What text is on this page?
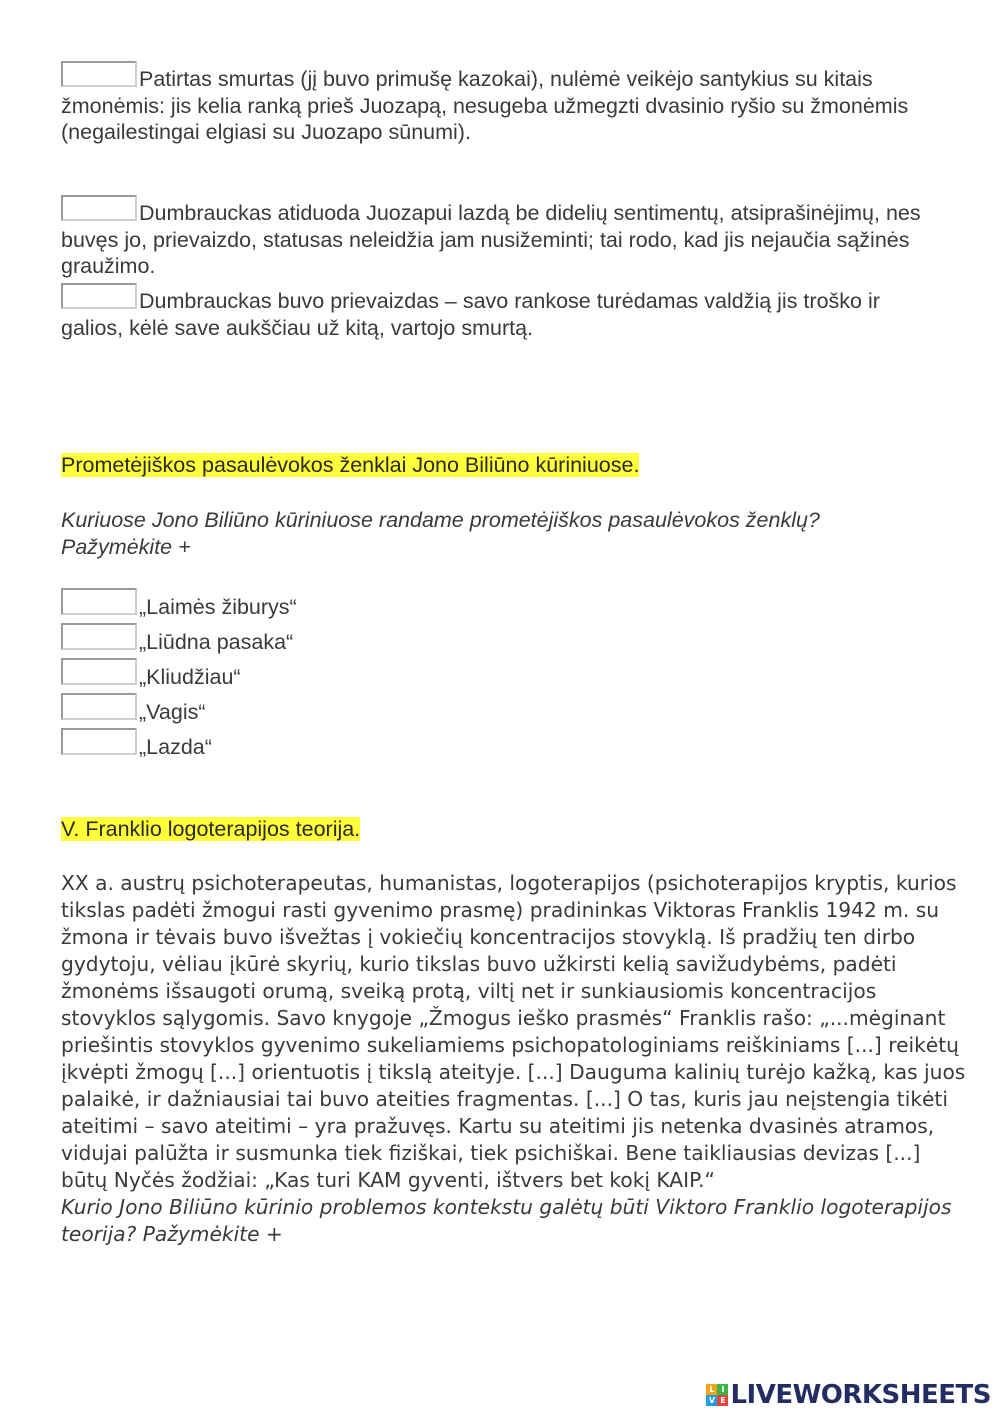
Patirtas smurtas (jį buvo primušę kazokai), nulėmė veikėjo santykius su kitais žmonėmis: jis kelia ranką prieš Juozapą, nesugeba užmegzti dvasinio ryšio su žmonėmis (negailestingai elgiasi su Juozapo sūnumi).
Dumbrauckas atiduoda Juozapui lazdą be didelių sentimentų, atsiprašinėjimų, nes buvęs jo, prievaizdo, statusas neleidžia jam nusižeminti; tai rodo, kad jis nejaučia sąžinės graužimo.
Dumbrauckas buvo prievaizdas – savo rankose turėdamas valdžią jis troško ir galios, kėlė save aukščiau už kitą, vartojo smurtą.
Prometėjiškos pasaulėvokos ženklai Jono Biliūno kūriniuose.
Kuriuose Jono Biliūno kūriniuose randame prometėjiškos pasaulėvokos ženklų?
Pažymėkite +
„Laimės žiburys“
„Liūdna pasaka“
„Kliudžiau“
„Vagis“
„Lazda“
V. Franklio logoterapijos teorija.
XX a. austrų psichoterapeutas, humanistas, logoterapijos (psichoterapijos kryptis, kurios
tikslas padėti žmogui rasti gyvenimo prasmę) pradininkas Viktoras Franklis 1942 m. su
žmona ir tėvais buvo išvežtas į vokiečių koncentracijos stovyklą. Iš pradžių ten dirbo
gydytoju, vėliau įkūrė skyrių, kurio tikslas buvo užkirsti kelią savižudybėms, padėti
žmonėms išsaugoti orumą, sveiką protą, viltį net ir sunkiausiomis koncentracijos
stovyklos sąlygomis. Savo knygoje „Žmogus ieško prasmės“ Franklis rašo: „...mėginant
priešintis stovyklos gyvenimo sukeliamiems psichopatologiniams reiškiniams [...] reikėtų
įkvėpti žmogų [...] orientuotis į tikslą ateityje. [...] Dauguma kalinių turėjo kažką, kas juos
palaikė, ir dažniausiai tai buvo ateities fragmentas. [...] O tas, kuris jau neįstengia tikėti
ateitimi – savo ateitimi – yra pražuvęs. Kartu su ateitimi jis netenka dvasinės atramos,
vidujai palūžta ir susmunka tiek fiziškai, tiek psichiškai. Bene taikliausias devizas [...]
būtų Nyčės žodžiai: „Kas turi KAM gyventi, ištvers bet kokį KAIP.“
Kurio Jono Biliūno kūrinio problemos kontekstu galėtų būti Viktoro Franklio logoterapijos
teorija? Pažymėkite +
L I
V E LIVEWORKSHEETS
